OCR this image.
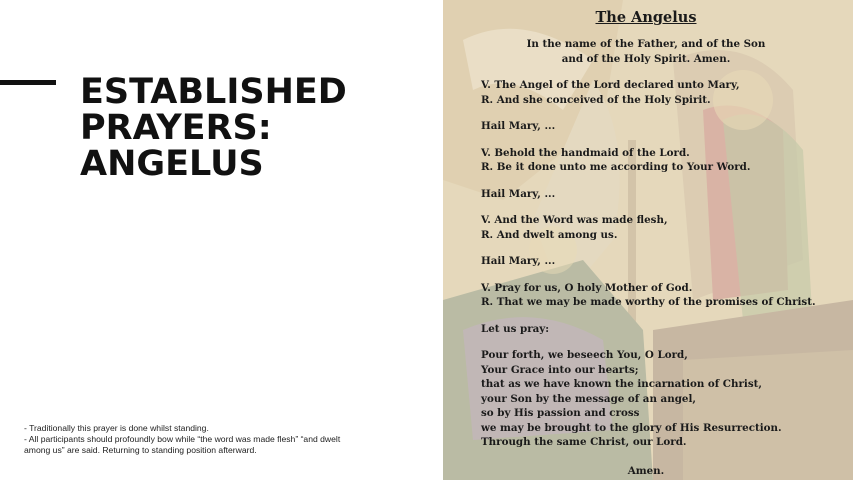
ESTABLISHED
PRAYERS:
ANGELUS
- Traditionally this prayer is done whilst standing.
- All participants should profoundly bow while “the word was made flesh” “and dwelt
among us” are said. Returning to standing position afterward.
The Angelus
In the name of the Father, and of the Son
and of the Holy Spirit. Amen.
V. The Angel of the Lord declared unto Mary,
R. And she conceived of the Holy Spirit.
Hail Mary, ...
V. Behold the handmaid of the Lord.
R. Be it done unto me according to Your Word.
Hail Mary, ...
V. And the Word was made flesh,
R. And dwelt among us.
Hail Mary, ...
V. Pray for us, O holy Mother of God.
R. That we may be made worthy of the promises of Christ.
Let us pray:
Pour forth, we beseech You, O Lord,
Your Grace into our hearts;
that as we have known the incarnation of Christ,
your Son by the message of an angel,
so by His passion and cross
we may be brought to the glory of His Resurrection.
Through the same Christ, our Lord.
Amen.
